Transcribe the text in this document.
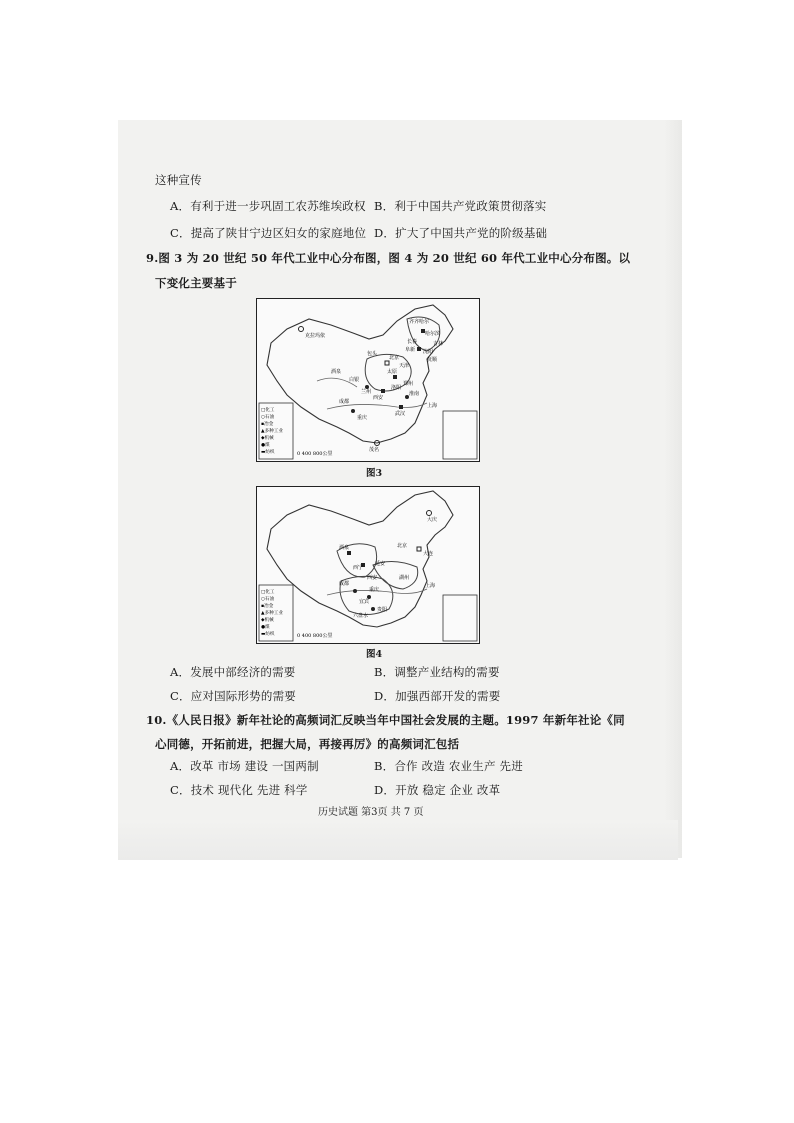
这种宣传
A．有利于进一步巩固工农苏维埃政权 B．利于中国共产党政策贯彻落实
C．提高了陕甘宁边区妇女的家庭地位 D．扩大了中国共产党的阶级基础
9.图 3 为 20 世纪 50 年代工业中心分布图，图 4 为 20 世纪 60 年代工业中心分布图。以
下变化主要基于
克拉玛依
齐齐哈尔
哈尔滨
吉林
长春
沈阳
抚顺
阜新
包头
北京
太原
天津
酒泉
白银
兰州
洛阳
西安
郑州
淮南
成都
武汉
上海
重庆
茂名
□化工
○石油
▪冶金
▲多种工业
◆机械
●煤
▬纺织	0 400 800公里
图3
大庆
北京
大连
酒泉
西宁
延安
西安
成都
重庆
宜宾
贵阳
六盘水
湖州
上海
□化工
○石油
▪冶金
▲多种工业
◆机械
●煤
▬纺织	0 400 800公里
图4
A．发展中部经济的需要	B．调整产业结构的需要
C．应对国际形势的需要	D．加强西部开发的需要
10.《人民日报》新年社论的高频词汇反映当年中国社会发展的主题。1997 年新年社论《同
心同德，开拓前进，把握大局，再接再厉》的高频词汇包括
A．改革 市场 建设 一国两制	B．合作 改造 农业生产 先进
C．技术 现代化 先进 科学	D．开放 稳定 企业 改革
历史试题 第3页 共 7 页
